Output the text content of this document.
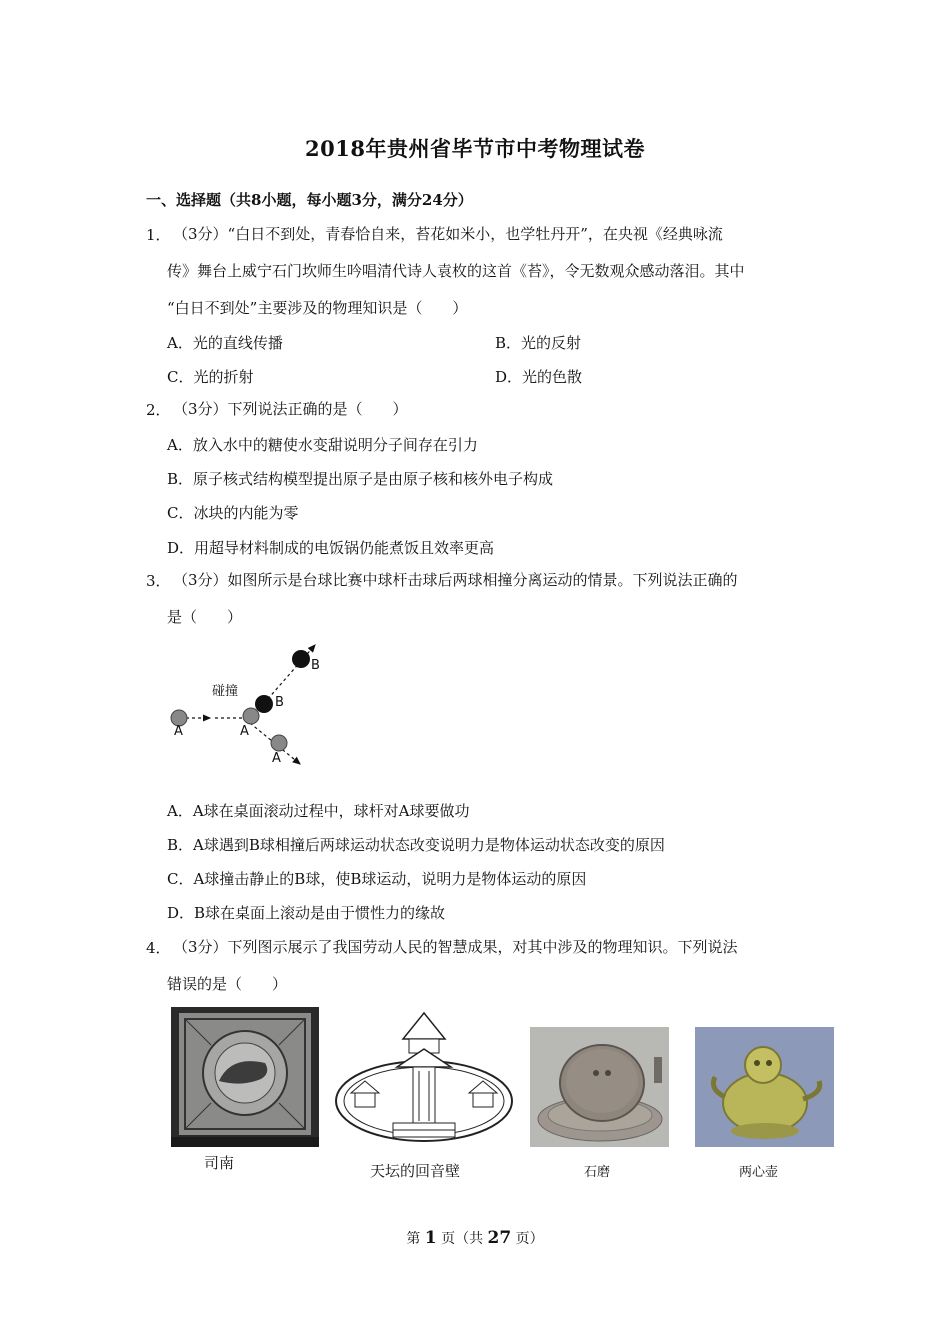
2018年贵州省毕节市中考物理试卷
一、选择题（共8小题，每小题3分，满分24分）
1． （3分）“白日不到处，青春恰自来，苔花如米小，也学牡丹开”，在央视《经典咏流
传》舞台上威宁石门坎师生吟唱清代诗人袁枚的这首《苔》，令无数观众感动落泪。其中
“白日不到处”主要涉及的物理知识是（　　）
A．光的直线传播	B．光的反射
C．光的折射	D．光的色散
2． （3分）下列说法正确的是（　　）
A．放入水中的糖使水变甜说明分子间存在引力
B．原子核式结构模型提出原子是由原子核和核外电子构成
C．冰块的内能为零
D．用超导材料制成的电饭锅仍能煮饭且效率更高
3． （3分）如图所示是台球比赛中球杆击球后两球相撞分离运动的情景。下列说法正确的
是（　　）
碰撞
A	A
A
B
B
A．A球在桌面滚动过程中，球杆对A球要做功
B．A球遇到B球相撞后两球运动状态改变说明力是物体运动状态改变的原因
C．A球撞击静止的B球，使B球运动，说明力是物体运动的原因
D．B球在桌面上滚动是由于惯性力的缘故
4． （3分）下列图示展示了我国劳动人民的智慧成果，对其中涉及的物理知识。下列说法
错误的是（　　）
司南	天坛的回音壁	石磨	两心壶
第 1 页（共 27 页）
